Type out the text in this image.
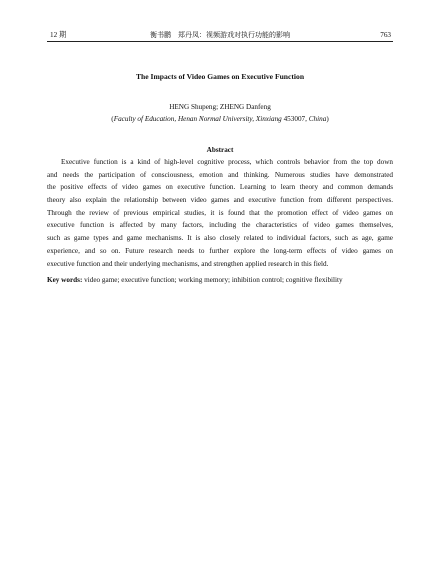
12 期	衡书鹏　郑丹凤：视频游戏对执行功能的影响	763
The Impacts of Video Games on Executive Function
HENG Shupeng; ZHENG Danfeng
(Faculty of Education, Henan Normal University, Xinxiang 453007, China)
Abstract
Executive function is a kind of high-level cognitive process, which controls behavior from the top down
and needs the participation of consciousness, emotion and thinking. Numerous studies have demonstrated
the positive effects of video games on executive function. Learning to learn theory and common demands
theory also explain the relationship between video games and executive function from different perspectives.
Through the review of previous empirical studies, it is found that the promotion effect of video games on
executive function is affected by many factors, including the characteristics of video games themselves,
such as game types and game mechanisms. It is also closely related to individual factors, such as age, game
experience, and so on. Future research needs to further explore the long-term effects of video games on
executive function and their underlying mechanisms, and strengthen applied research in this field.
Key words: video game; executive function; working memory; inhibition control; cognitive flexibility
